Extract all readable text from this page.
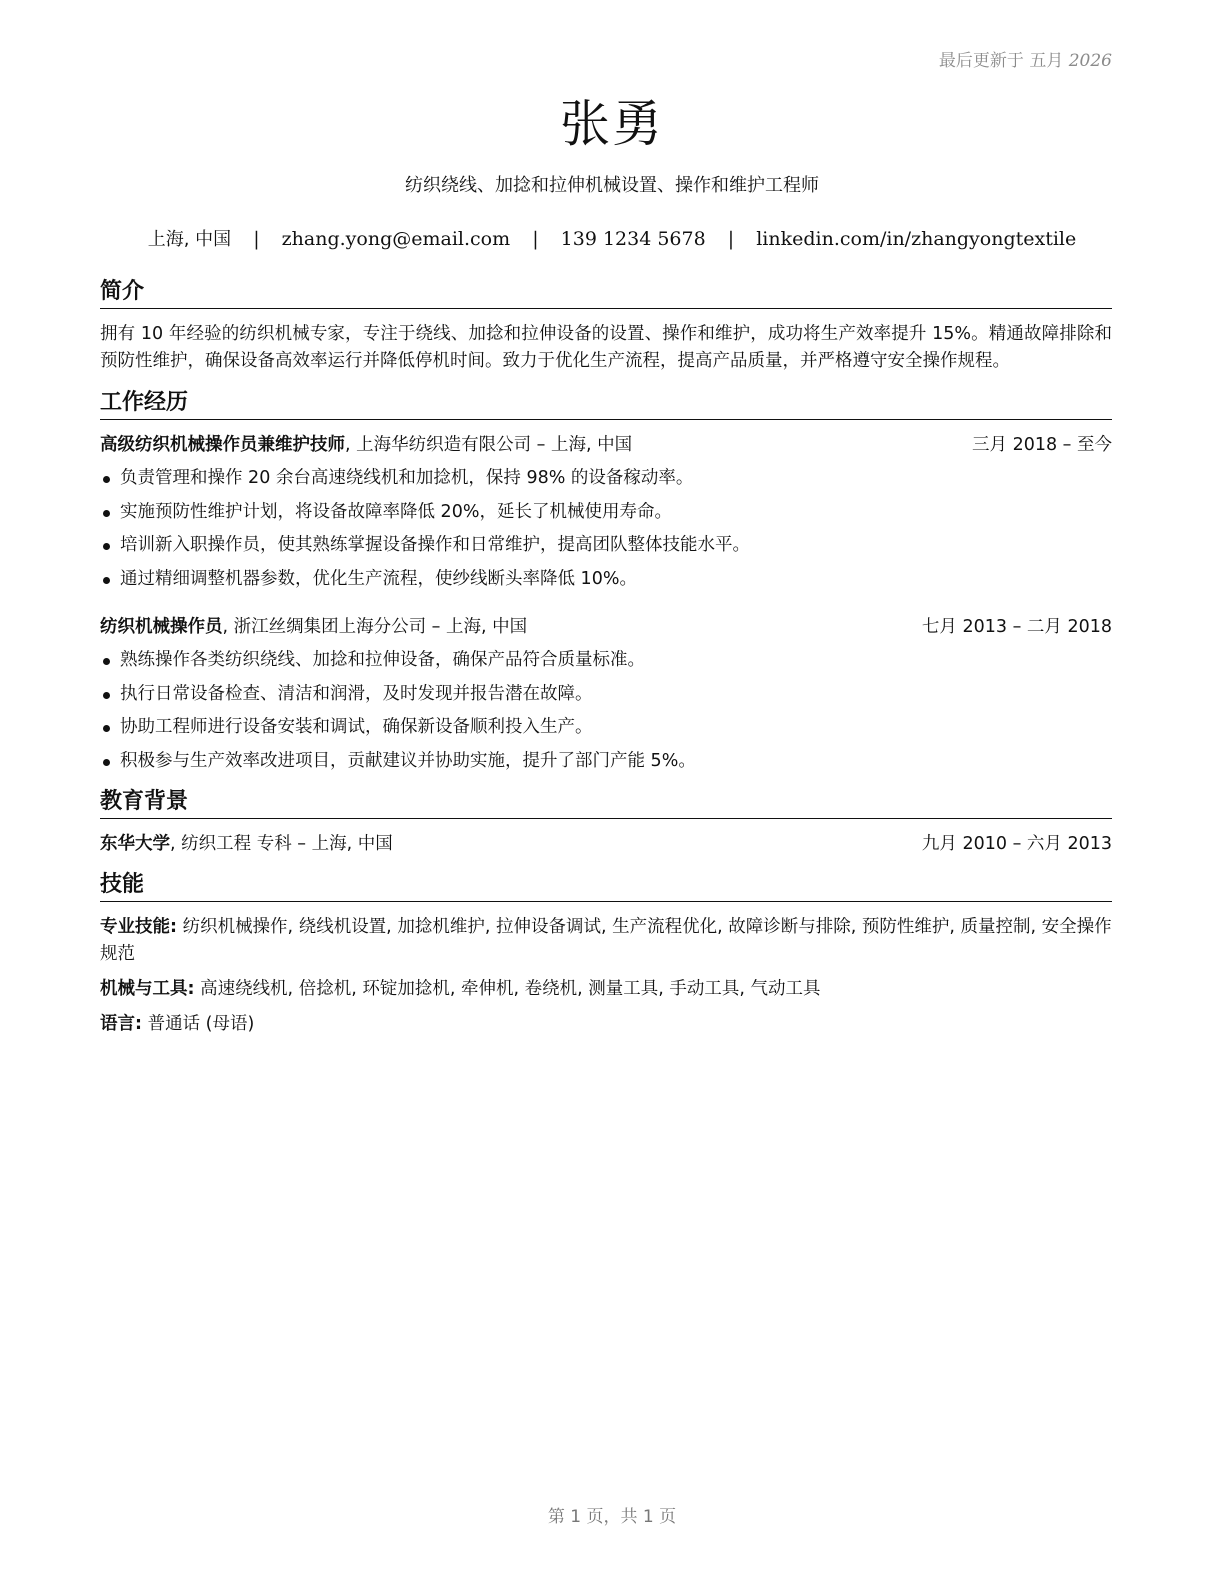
最后更新于 五月 2026
张勇
纺织绕线、加捻和拉伸机械设置、操作和维护工程师
上海, 中国 | zhang.yong@email.com | 139 1234 5678 | linkedin.com/in/zhangyongtextile
简介
拥有 10 年经验的纺织机械专家，专注于绕线、加捻和拉伸设备的设置、操作和维护，成功将生产效率提升 15%。精通故障排除和预防性维护，确保设备高效率运行并降低停机时间。致力于优化生产流程，提高产品质量，并严格遵守安全操作规程。
工作经历
高级纺织机械操作员兼维护技师, 上海华纺织造有限公司 – 上海, 中国	三月 2018 – 至今
负责管理和操作 20 余台高速绕线机和加捻机，保持 98% 的设备稼动率。
实施预防性维护计划，将设备故障率降低 20%，延长了机械使用寿命。
培训新入职操作员，使其熟练掌握设备操作和日常维护，提高团队整体技能水平。
通过精细调整机器参数，优化生产流程，使纱线断头率降低 10%。
纺织机械操作员, 浙江丝绸集团上海分公司 – 上海, 中国	七月 2013 – 二月 2018
熟练操作各类纺织绕线、加捻和拉伸设备，确保产品符合质量标准。
执行日常设备检查、清洁和润滑，及时发现并报告潜在故障。
协助工程师进行设备安装和调试，确保新设备顺利投入生产。
积极参与生产效率改进项目，贡献建议并协助实施，提升了部门产能 5%。
教育背景
东华大学, 纺织工程 专科 – 上海, 中国	九月 2010 – 六月 2013
技能
专业技能: 纺织机械操作, 绕线机设置, 加捻机维护, 拉伸设备调试, 生产流程优化, 故障诊断与排除, 预防性维护, 质量控制, 安全操作规范
机械与工具: 高速绕线机, 倍捻机, 环锭加捻机, 牵伸机, 卷绕机, 测量工具, 手动工具, 气动工具
语言: 普通话 (母语)
第 1 页，共 1 页
